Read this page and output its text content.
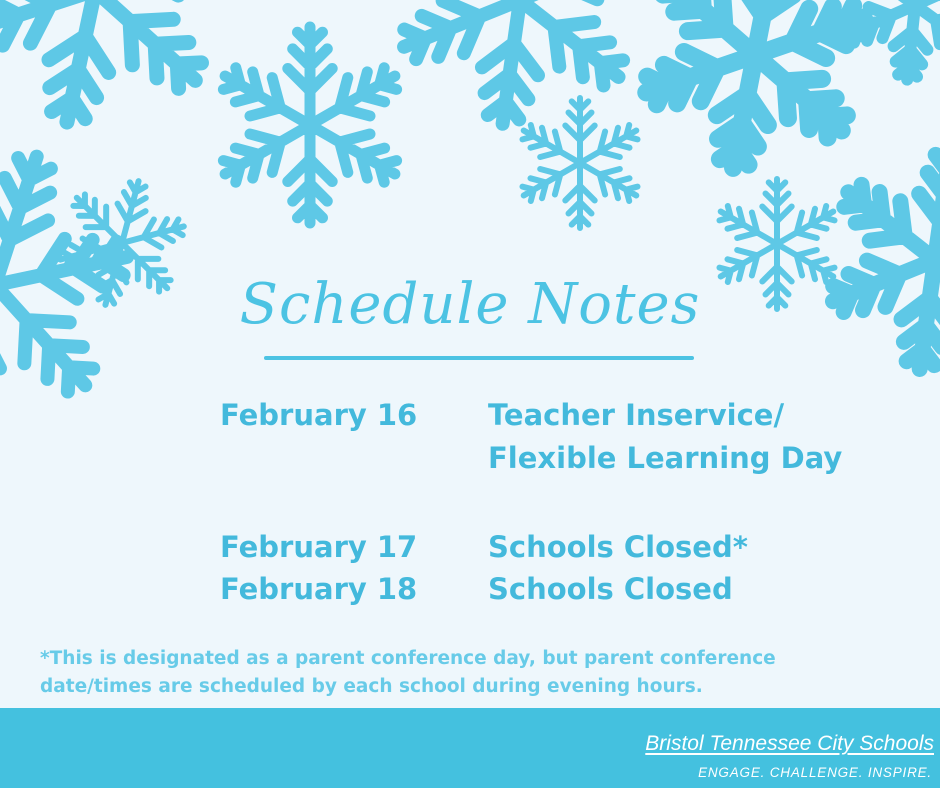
Schedule Notes
February 16 Teacher Inservice/
Flexible Learning Day
February 17 Schools Closed*
February 18 Schools Closed
*This is designated as a parent conference day, but parent conference
date/times are scheduled by each school during evening hours.
Bristol Tennessee City Schools
ENGAGE. CHALLENGE. INSPIRE.
